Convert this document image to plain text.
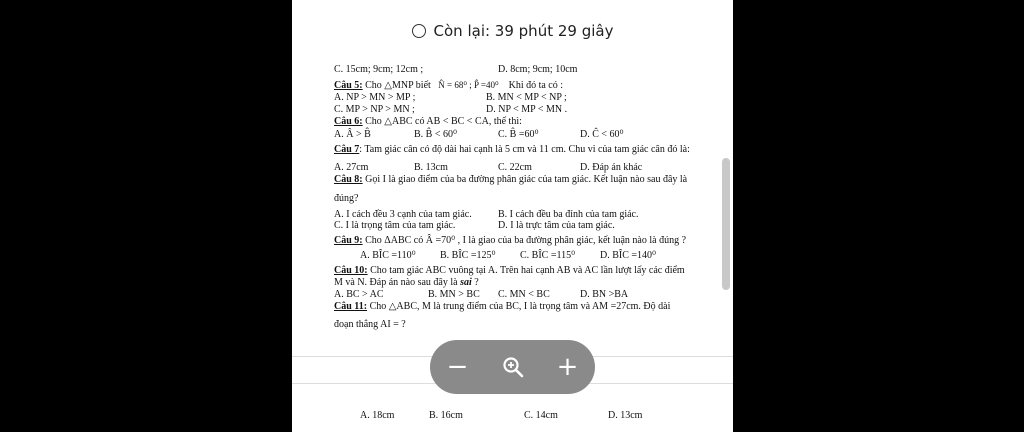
Còn lại: 39 phút 29 giây
C. 15cm; 9cm; 12cm ;	D. 8cm; 9cm; 10cm
Câu 5: Cho △MNP biết N̂ = 68⁰ ; P̂ =40⁰ Khi đó ta có :
A. NP > MN > MP ;	B. MN < MP < NP ;
C. MP > NP > MN ;	D. NP < MP < MN .
Câu 6: Cho △ABC có AB < BC < CA, thế thì:
A. Â > B̂	B. B̂ < 60⁰	C. B̂ =60⁰	D. Ĉ < 60⁰
Câu 7: Tam giác cân có độ dài hai cạnh là 5 cm và 11 cm. Chu vi của tam giác cân đó là:
A. 27cm	B. 13cm	C. 22cm	D. Đáp án khác
Câu 8: Gọi I là giao điểm của ba đường phân giác của tam giác. Kết luận nào sau đây là
đúng?
A. I cách đều 3 cạnh của tam giác.	B. I cách đều ba đỉnh của tam giác.
C. I là trọng tâm của tam giác.	D. I là trực tâm của tam giác.
Câu 9: Cho ΔABC có Â =70⁰ , I là giao của ba đường phân giác, kết luận nào là đúng ?
A. BÎC =110⁰ B. BÎC =125⁰ C. BÎC =115⁰ D. BÎC =140⁰
Câu 10: Cho tam giác ABC vuông tại A. Trên hai cạnh AB và AC lần lượt lấy các điểm
M và N. Đáp án nào sau đây là sai ?
A. BC > AC	B. MN > BC C. MN < BC	D. BN >BA
Câu 11: Cho △ABC, M là trung điểm của BC, I là trọng tâm và AM =27cm. Độ dài
đoạn thẳng AI = ?
A. 18cm	B. 16cm	C. 14cm	D. 13cm
−	+
